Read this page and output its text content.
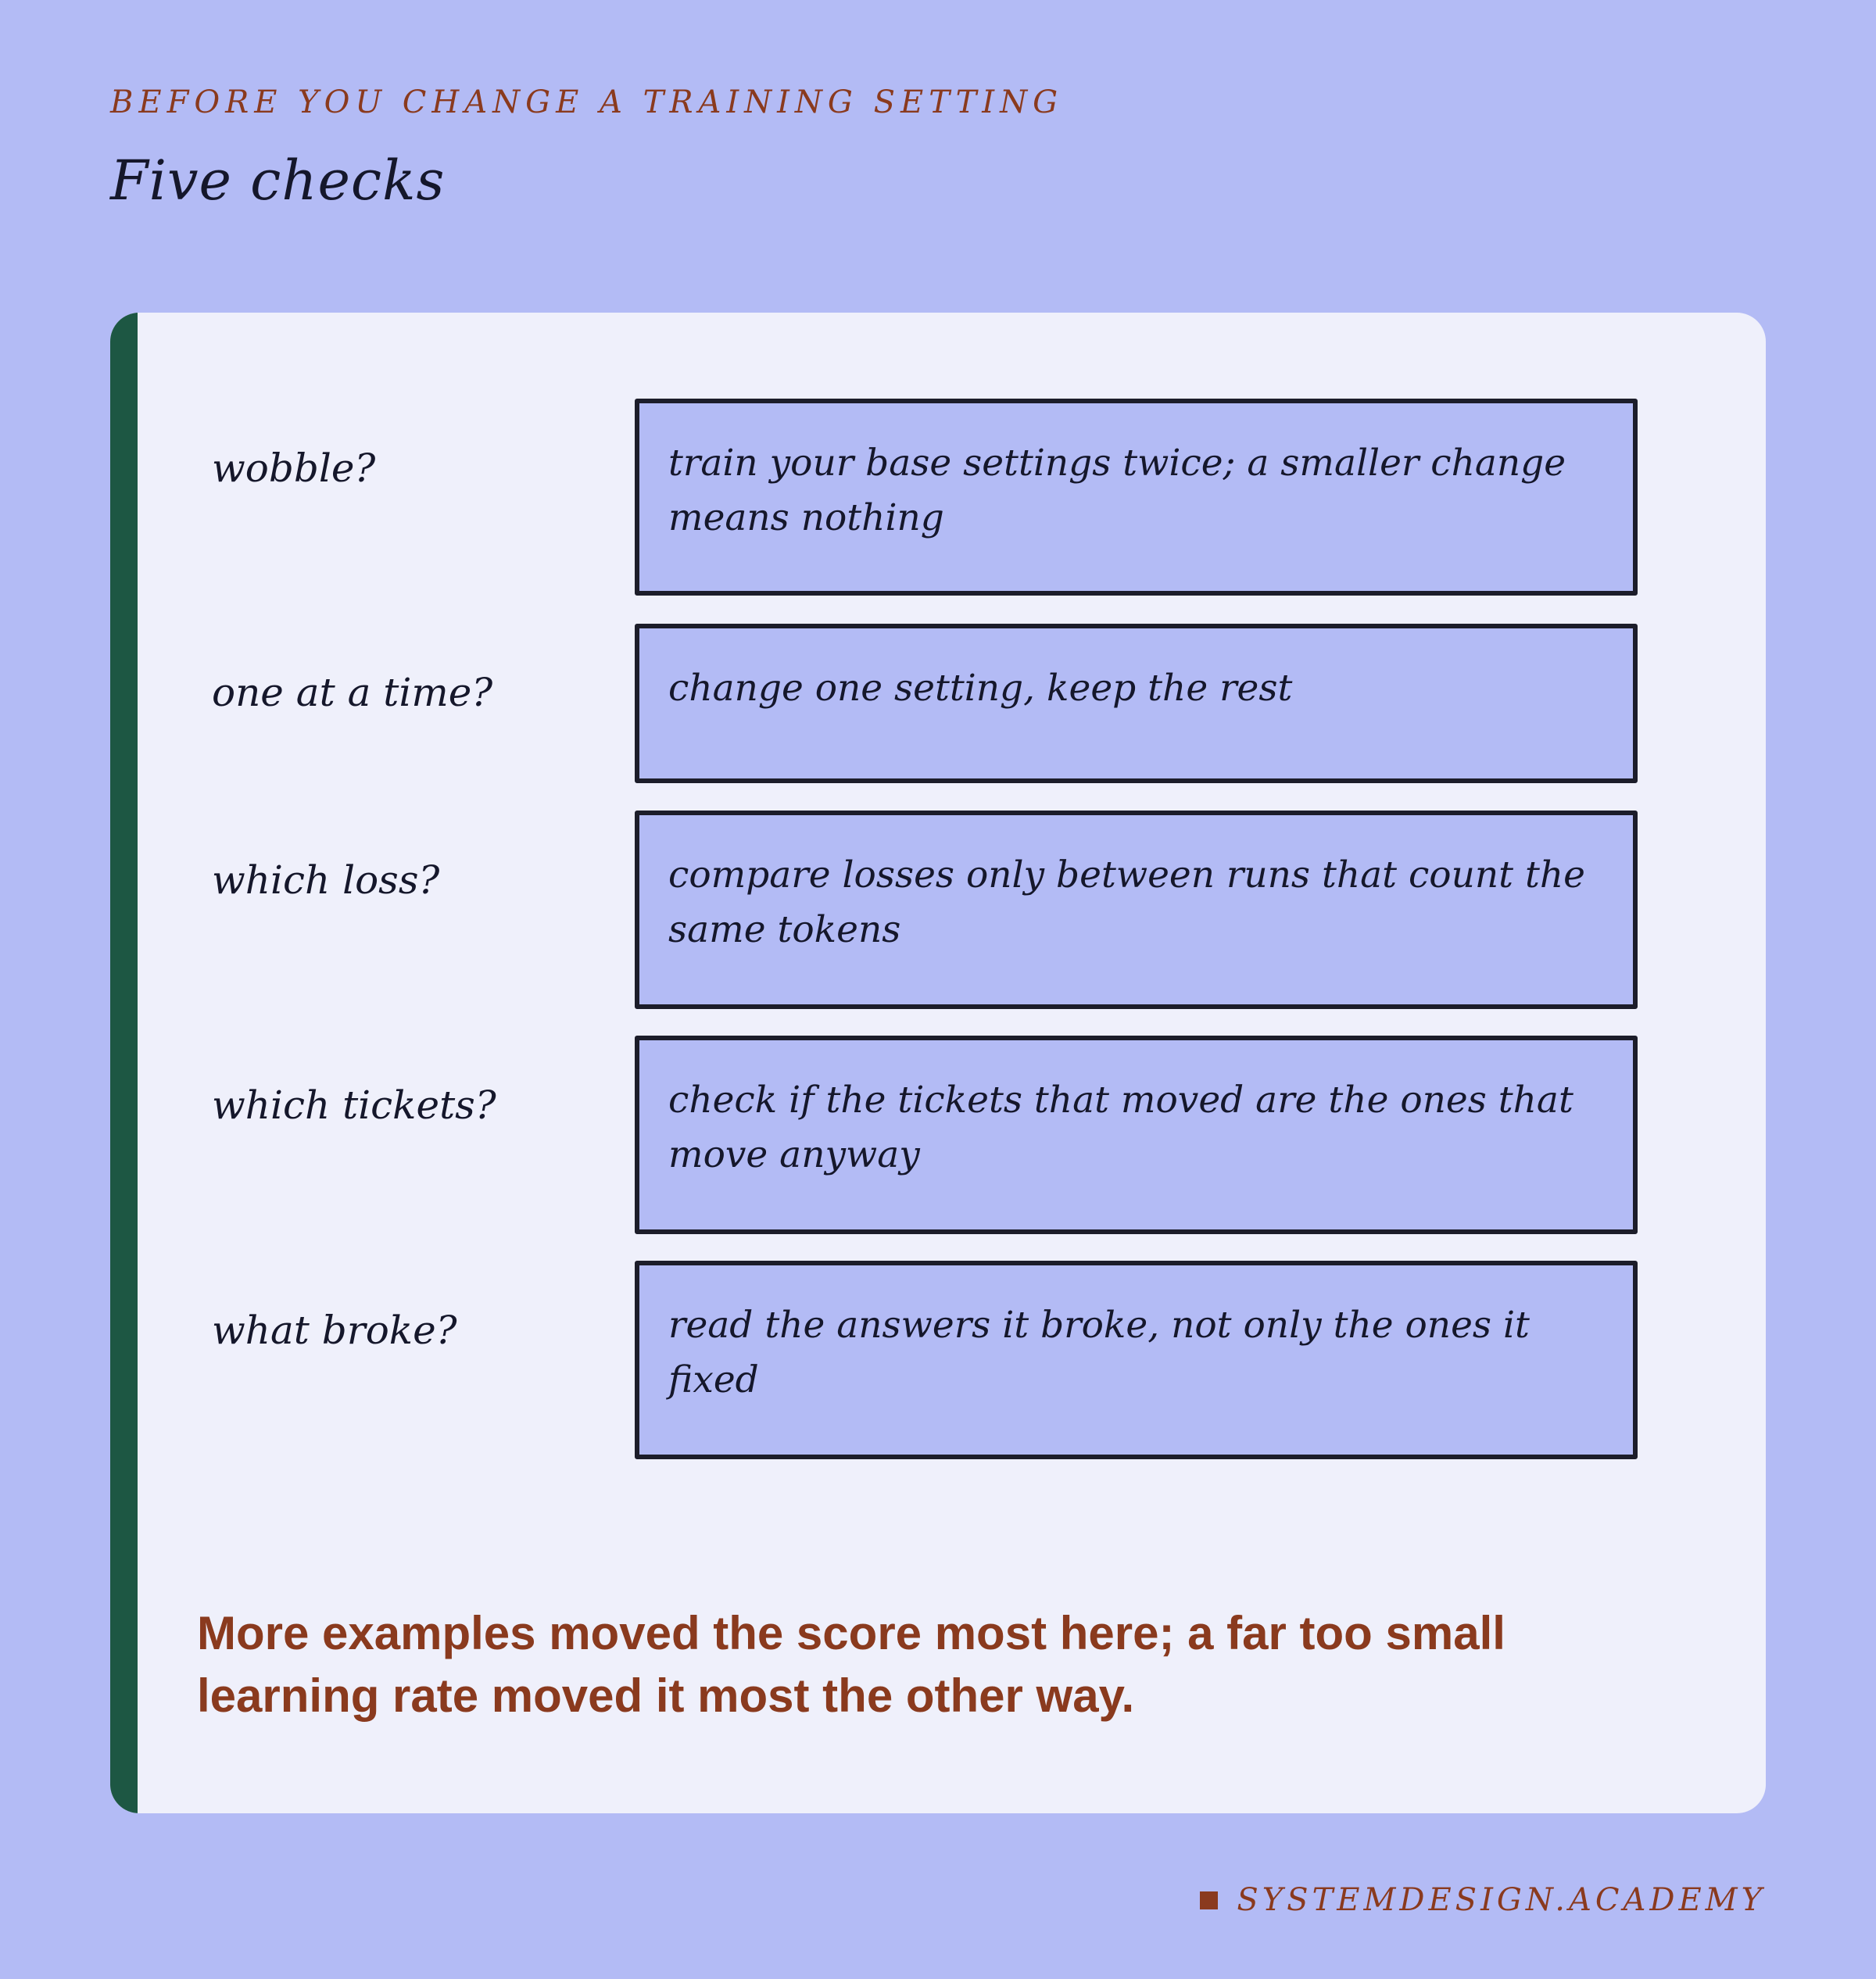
BEFORE YOU CHANGE A TRAINING SETTING
Five checks
wobble?	train your base settings twice; a smaller change means nothing
one at a time?	change one setting, keep the rest
which loss?	compare losses only between runs that count the same tokens
which tickets?	check if the tickets that moved are the ones that move anyway
what broke?	read the answers it broke, not only the ones it fixed
More examples moved the score most here; a far too small learning rate moved it most the other way.
SYSTEMDESIGN.ACADEMY
